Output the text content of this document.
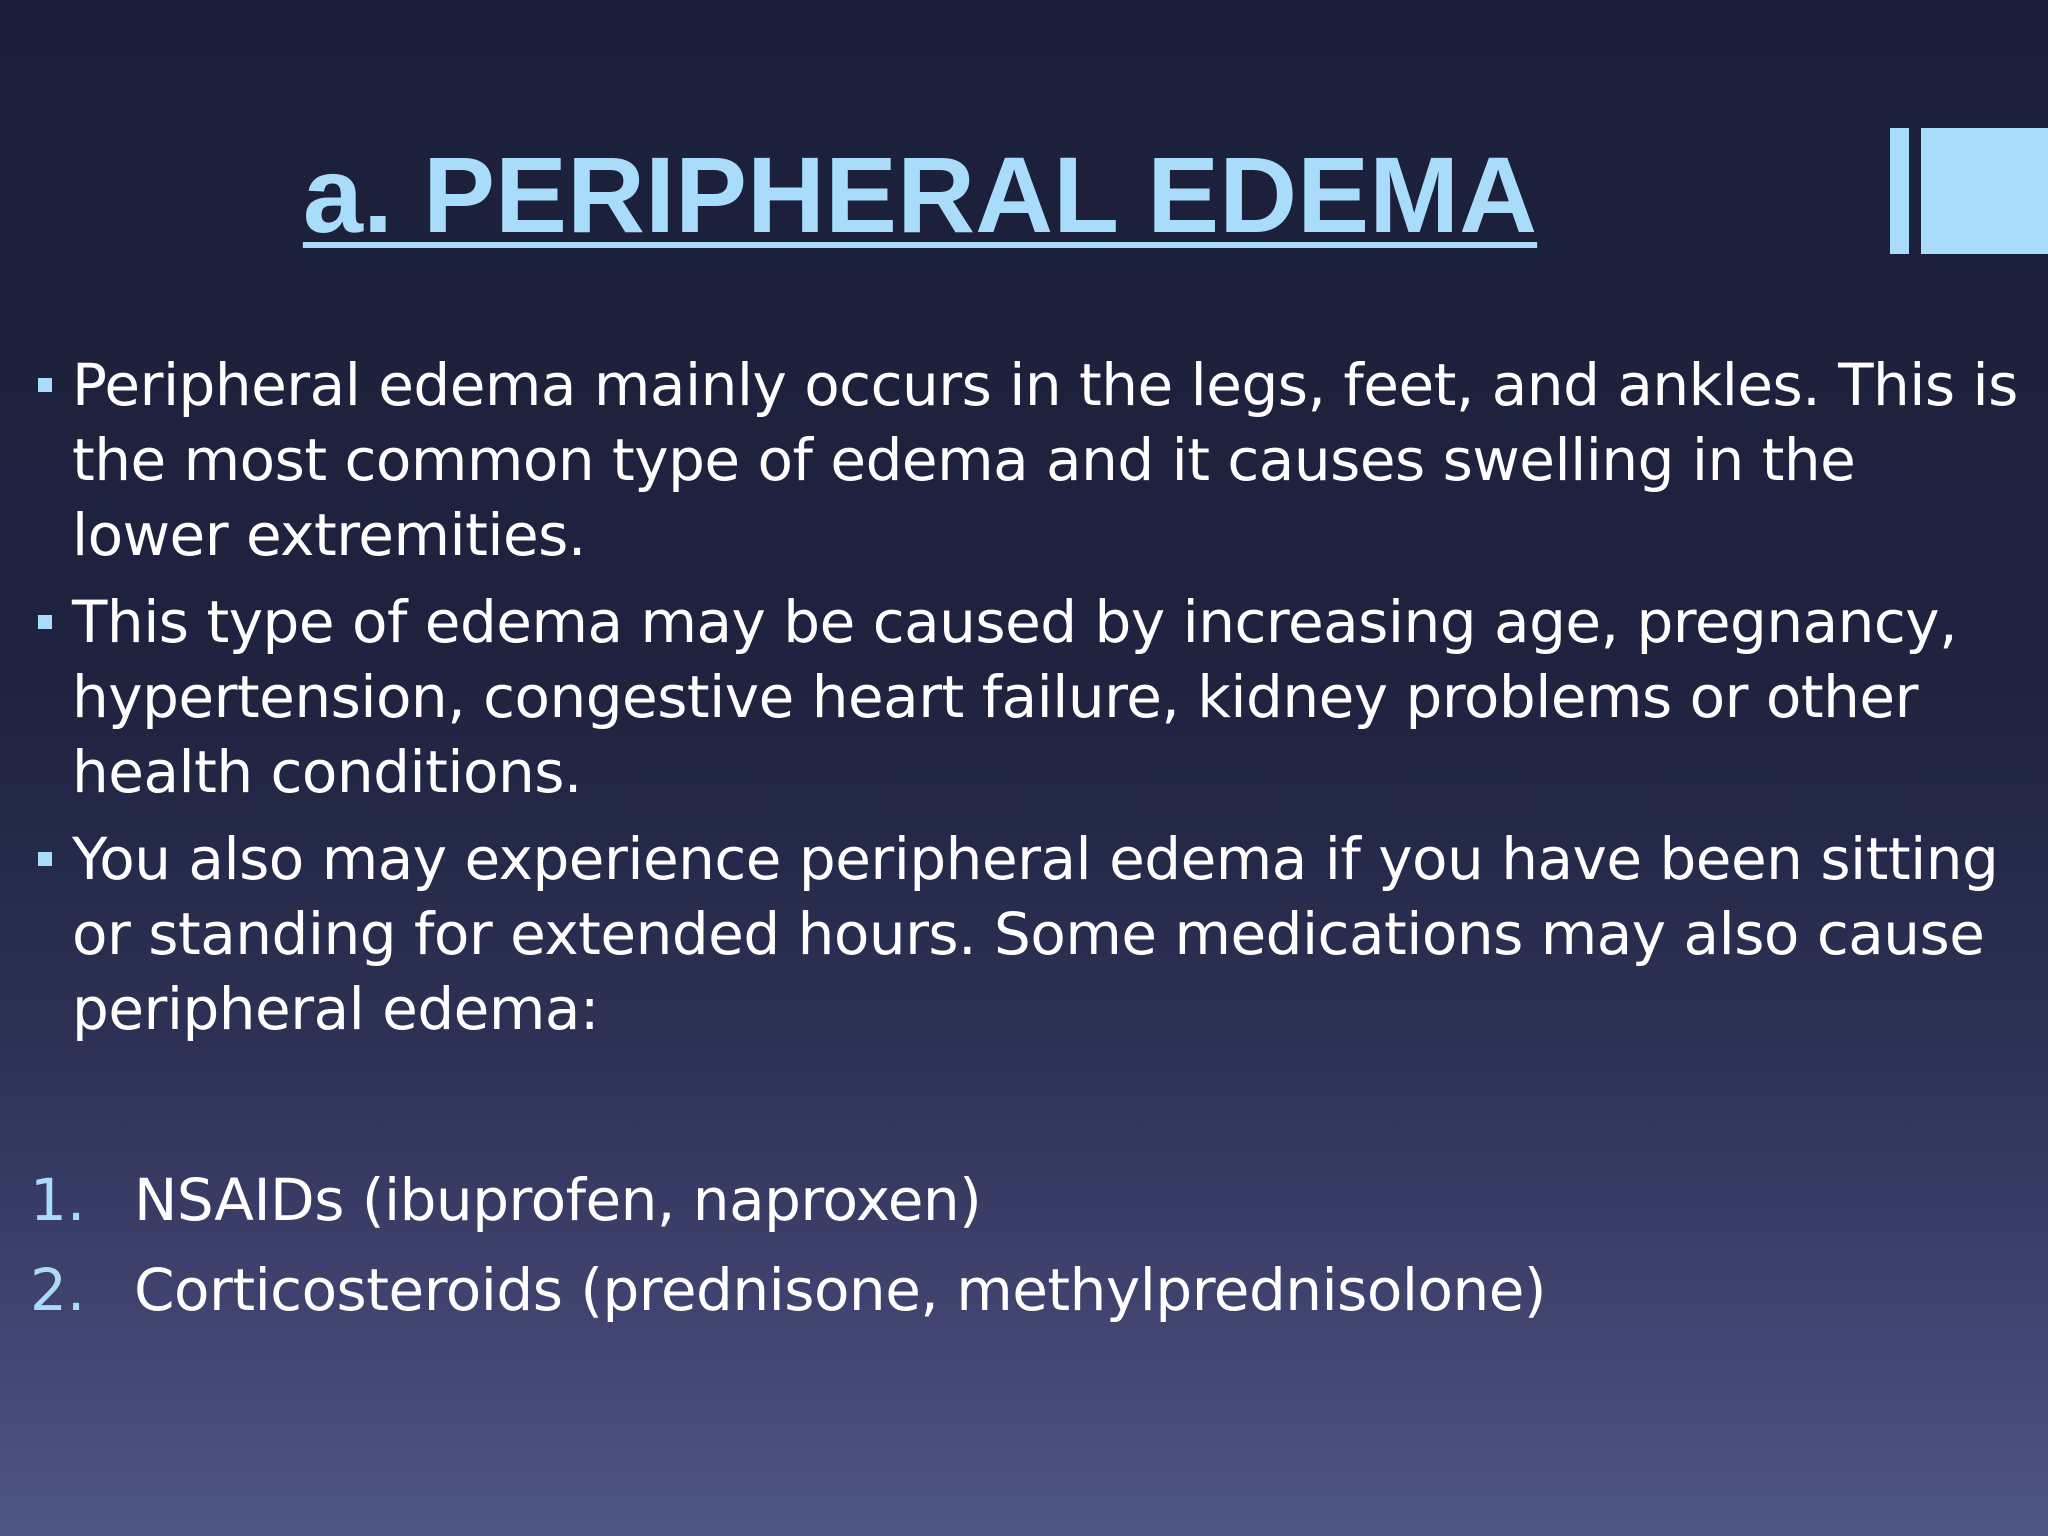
a. PERIPHERAL EDEMA
Peripheral edema mainly occurs in the legs, feet, and ankles. This is the most common type of edema and it causes swelling in the lower extremities.
This type of edema may be caused by increasing age, pregnancy, hypertension, congestive heart failure, kidney problems or other health conditions.
You also may experience peripheral edema if you have been sitting or standing for extended hours. Some medications may also cause peripheral edema:
1. NSAIDs (ibuprofen, naproxen)
2. Corticosteroids (prednisone, methylprednisolone)
